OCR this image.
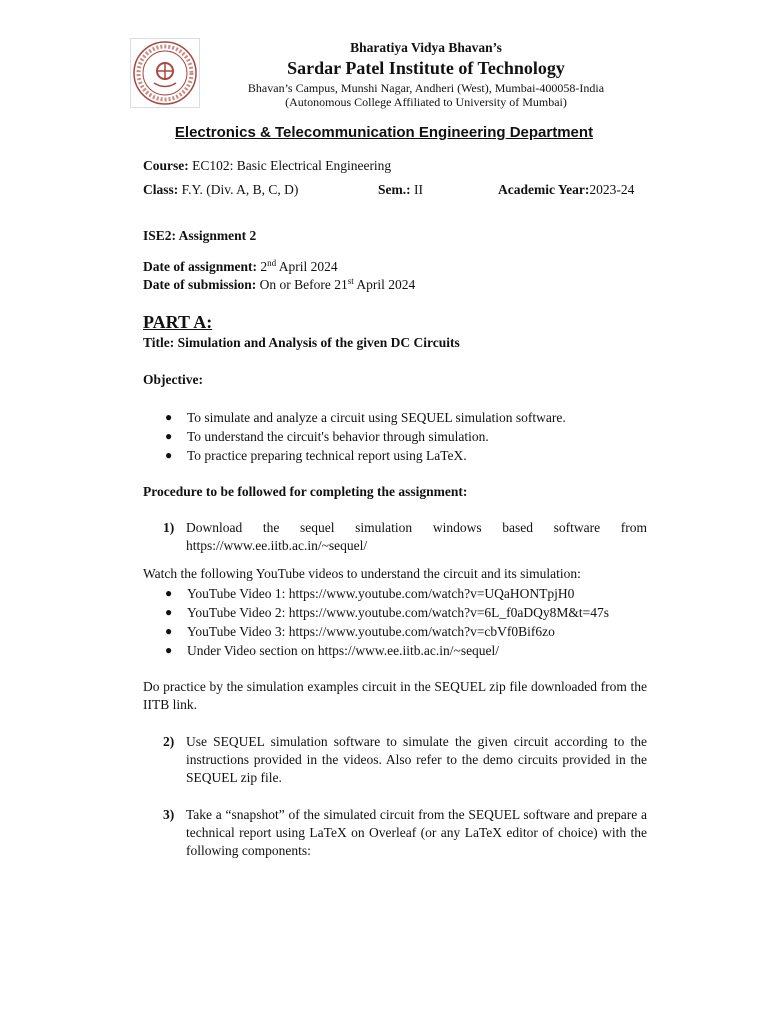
Bharatiya Vidya Bhavan’s
Sardar Patel Institute of Technology
Bhavan’s Campus, Munshi Nagar, Andheri (West), Mumbai-400058-India
(Autonomous College Affiliated to University of Mumbai)
Electronics & Telecommunication Engineering Department
Course: EC102: Basic Electrical Engineering
Class: F.Y. (Div. A, B, C, D)	Sem.: II	Academic Year:2023-24
ISE2: Assignment 2
Date of assignment: 2nd April 2024
Date of submission: On or Before 21st April 2024
PART A:
Title: Simulation and Analysis of the given DC Circuits
Objective:
● To simulate and analyze a circuit using SEQUEL simulation software.
● To understand the circuit's behavior through simulation.
● To practice preparing technical report using LaTeX.
Procedure to be followed for completing the assignment:
1) Download the sequel simulation windows based software from
https://www.ee.iitb.ac.in/~sequel/
Watch the following YouTube videos to understand the circuit and its simulation:
● YouTube Video 1: https://www.youtube.com/watch?v=UQaHONTpjH0
● YouTube Video 2: https://www.youtube.com/watch?v=6L_f0aDQy8M&t=47s
● YouTube Video 3: https://www.youtube.com/watch?v=cbVf0Bif6zo
● Under Video section on https://www.ee.iitb.ac.in/~sequel/
Do practice by the simulation examples circuit in the SEQUEL zip file downloaded from the IITB link.
2) Use SEQUEL simulation software to simulate the given circuit according to the instructions provided in the videos. Also refer to the demo circuits provided in the SEQUEL zip file.
3) Take a “snapshot” of the simulated circuit from the SEQUEL software and prepare a technical report using LaTeX on Overleaf (or any LaTeX editor of choice) with the following components:
